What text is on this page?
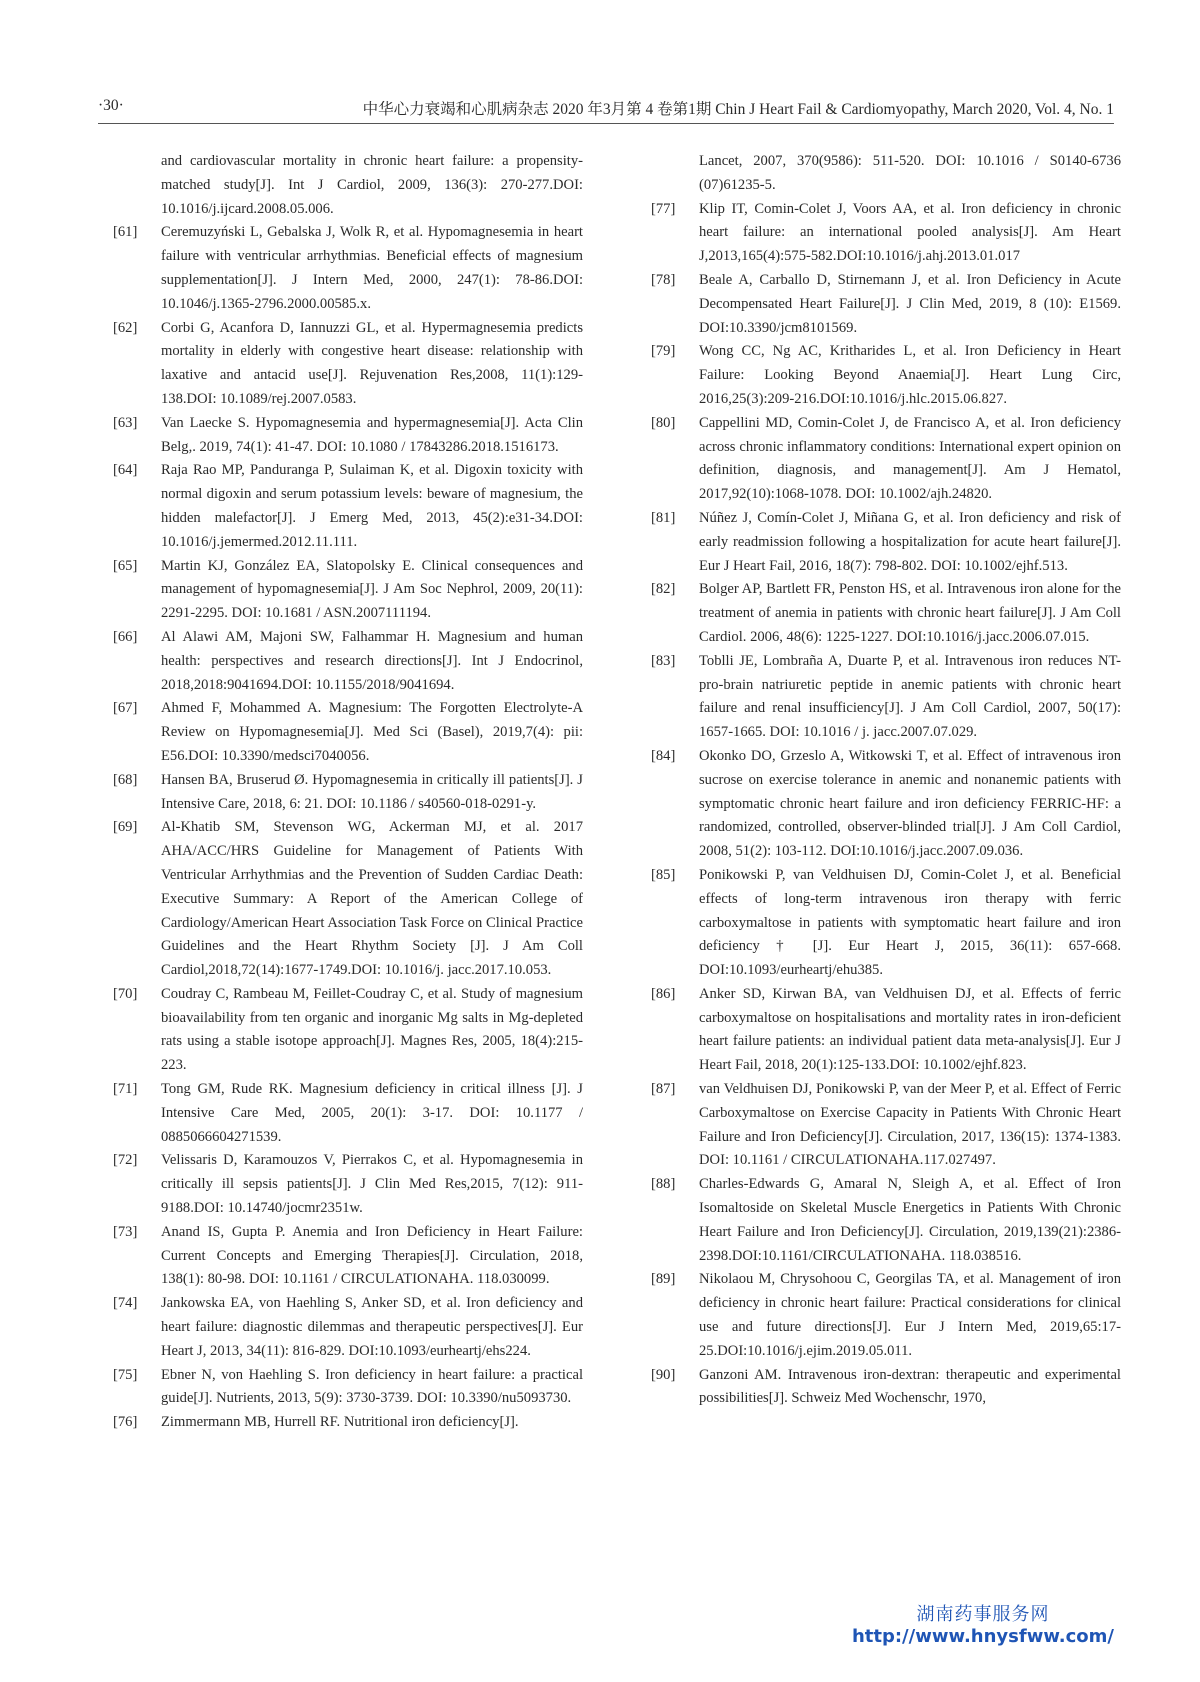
·30·	中华心力衰竭和心肌病杂志 2020 年3月第 4 卷第1期 Chin J Heart Fail & Cardiomyopathy, March 2020, Vol. 4, No. 1
and cardiovascular mortality in chronic heart failure: a propensity-matched study[J]. Int J Cardiol, 2009, 136(3): 270-277.DOI: 10.1016/j.ijcard.2008.05.006.
[61] Ceremuzyński L, Gebalska J, Wolk R, et al. Hypomagnesemia in heart failure with ventricular arrhythmias. Beneficial effects of magnesium supplementation[J]. J Intern Med, 2000, 247(1): 78-86.DOI: 10.1046/j.1365-2796.2000.00585.x.
[62] Corbi G, Acanfora D, Iannuzzi GL, et al. Hypermagnesemia predicts mortality in elderly with congestive heart disease: relationship with laxative and antacid use[J]. Rejuvenation Res,2008, 11(1):129-138.DOI: 10.1089/rej.2007.0583.
[63] Van Laecke S. Hypomagnesemia and hypermagnesemia[J]. Acta Clin Belg,. 2019, 74(1): 41-47. DOI: 10.1080 / 17843286.2018.1516173.
[64] Raja Rao MP, Panduranga P, Sulaiman K, et al. Digoxin toxicity with normal digoxin and serum potassium levels: beware of magnesium, the hidden malefactor[J]. J Emerg Med, 2013, 45(2):e31-34.DOI: 10.1016/j.jemermed.2012.11.111.
[65] Martin KJ, González EA, Slatopolsky E. Clinical consequences and management of hypomagnesemia[J]. J Am Soc Nephrol, 2009, 20(11): 2291-2295. DOI: 10.1681 / ASN.2007111194.
[66] Al Alawi AM, Majoni SW, Falhammar H. Magnesium and human health: perspectives and research directions[J]. Int J Endocrinol, 2018,2018:9041694.DOI: 10.1155/2018/9041694.
[67] Ahmed F, Mohammed A. Magnesium: The Forgotten Electrolyte-A Review on Hypomagnesemia[J]. Med Sci (Basel), 2019,7(4): pii: E56.DOI: 10.3390/medsci7040056.
[68] Hansen BA, Bruserud Ø. Hypomagnesemia in critically ill patients[J]. J Intensive Care, 2018, 6: 21. DOI: 10.1186 / s40560-018-0291-y.
[69] Al-Khatib SM, Stevenson WG, Ackerman MJ, et al. 2017 AHA/ACC/HRS Guideline for Management of Patients With Ventricular Arrhythmias and the Prevention of Sudden Cardiac Death: Executive Summary: A Report of the American College of Cardiology/American Heart Association Task Force on Clinical Practice Guidelines and the Heart Rhythm Society [J]. J Am Coll Cardiol,2018,72(14):1677-1749.DOI: 10.1016/j. jacc.2017.10.053.
[70] Coudray C, Rambeau M, Feillet-Coudray C, et al. Study of magnesium bioavailability from ten organic and inorganic Mg salts in Mg-depleted rats using a stable isotope approach[J]. Magnes Res, 2005, 18(4):215-223.
[71] Tong GM, Rude RK. Magnesium deficiency in critical illness [J]. J Intensive Care Med, 2005, 20(1): 3-17. DOI: 10.1177 / 0885066604271539.
[72] Velissaris D, Karamouzos V, Pierrakos C, et al. Hypomagnesemia in critically ill sepsis patients[J]. J Clin Med Res,2015, 7(12): 911-9188.DOI: 10.14740/jocmr2351w.
[73] Anand IS, Gupta P. Anemia and Iron Deficiency in Heart Failure: Current Concepts and Emerging Therapies[J]. Circulation, 2018, 138(1): 80-98. DOI: 10.1161 / CIRCULATIONAHA. 118.030099.
[74] Jankowska EA, von Haehling S, Anker SD, et al. Iron deficiency and heart failure: diagnostic dilemmas and therapeutic perspectives[J]. Eur Heart J, 2013, 34(11): 816-829. DOI:10.1093/eurheartj/ehs224.
[75] Ebner N, von Haehling S. Iron deficiency in heart failure: a practical guide[J]. Nutrients, 2013, 5(9): 3730-3739. DOI: 10.3390/nu5093730.
[76] Zimmermann MB, Hurrell RF. Nutritional iron deficiency[J].
Lancet, 2007, 370(9586): 511-520. DOI: 10.1016 / S0140-6736 (07)61235-5.
[77] Klip IT, Comin-Colet J, Voors AA, et al. Iron deficiency in chronic heart failure: an international pooled analysis[J]. Am Heart J,2013,165(4):575-582.DOI:10.1016/j.ahj.2013.01.017
[78] Beale A, Carballo D, Stirnemann J, et al. Iron Deficiency in Acute Decompensated Heart Failure[J]. J Clin Med, 2019, 8 (10): E1569. DOI:10.3390/jcm8101569.
[79] Wong CC, Ng AC, Kritharides L, et al. Iron Deficiency in Heart Failure: Looking Beyond Anaemia[J]. Heart Lung Circ, 2016,25(3):209-216.DOI:10.1016/j.hlc.2015.06.827.
[80] Cappellini MD, Comin-Colet J, de Francisco A, et al. Iron deficiency across chronic inflammatory conditions: International expert opinion on definition, diagnosis, and management[J]. Am J Hematol, 2017,92(10):1068-1078. DOI: 10.1002/ajh.24820.
[81] Núñez J, Comín-Colet J, Miñana G, et al. Iron deficiency and risk of early readmission following a hospitalization for acute heart failure[J]. Eur J Heart Fail, 2016, 18(7): 798-802. DOI: 10.1002/ejhf.513.
[82] Bolger AP, Bartlett FR, Penston HS, et al. Intravenous iron alone for the treatment of anemia in patients with chronic heart failure[J]. J Am Coll Cardiol. 2006, 48(6): 1225-1227. DOI:10.1016/j.jacc.2006.07.015.
[83] Toblli JE, Lombraña A, Duarte P, et al. Intravenous iron reduces NT-pro-brain natriuretic peptide in anemic patients with chronic heart failure and renal insufficiency[J]. J Am Coll Cardiol, 2007, 50(17): 1657-1665. DOI: 10.1016 / j. jacc.2007.07.029.
[84] Okonko DO, Grzeslo A, Witkowski T, et al. Effect of intravenous iron sucrose on exercise tolerance in anemic and nonanemic patients with symptomatic chronic heart failure and iron deficiency FERRIC-HF: a randomized, controlled, observer-blinded trial[J]. J Am Coll Cardiol, 2008, 51(2): 103-112. DOI:10.1016/j.jacc.2007.09.036.
[85] Ponikowski P, van Veldhuisen DJ, Comin-Colet J, et al. Beneficial effects of long-term intravenous iron therapy with ferric carboxymaltose in patients with symptomatic heart failure and iron deficiency † [J]. Eur Heart J, 2015, 36(11): 657-668. DOI:10.1093/eurheartj/ehu385.
[86] Anker SD, Kirwan BA, van Veldhuisen DJ, et al. Effects of ferric carboxymaltose on hospitalisations and mortality rates in iron-deficient heart failure patients: an individual patient data meta-analysis[J]. Eur J Heart Fail, 2018, 20(1):125-133.DOI: 10.1002/ejhf.823.
[87] van Veldhuisen DJ, Ponikowski P, van der Meer P, et al. Effect of Ferric Carboxymaltose on Exercise Capacity in Patients With Chronic Heart Failure and Iron Deficiency[J]. Circulation, 2017, 136(15): 1374-1383. DOI: 10.1161 / CIRCULATIONAHA.117.027497.
[88] Charles-Edwards G, Amaral N, Sleigh A, et al. Effect of Iron Isomaltoside on Skeletal Muscle Energetics in Patients With Chronic Heart Failure and Iron Deficiency[J]. Circulation, 2019,139(21):2386-2398.DOI:10.1161/CIRCULATIONAHA. 118.038516.
[89] Nikolaou M, Chrysohoou C, Georgilas TA, et al. Management of iron deficiency in chronic heart failure: Practical considerations for clinical use and future directions[J]. Eur J Intern Med, 2019,65:17-25.DOI:10.1016/j.ejim.2019.05.011.
[90] Ganzoni AM. Intravenous iron-dextran: therapeutic and experimental possibilities[J]. Schweiz Med Wochenschr, 1970,
湖南药事服务网
http://www.hnysfww.com/
